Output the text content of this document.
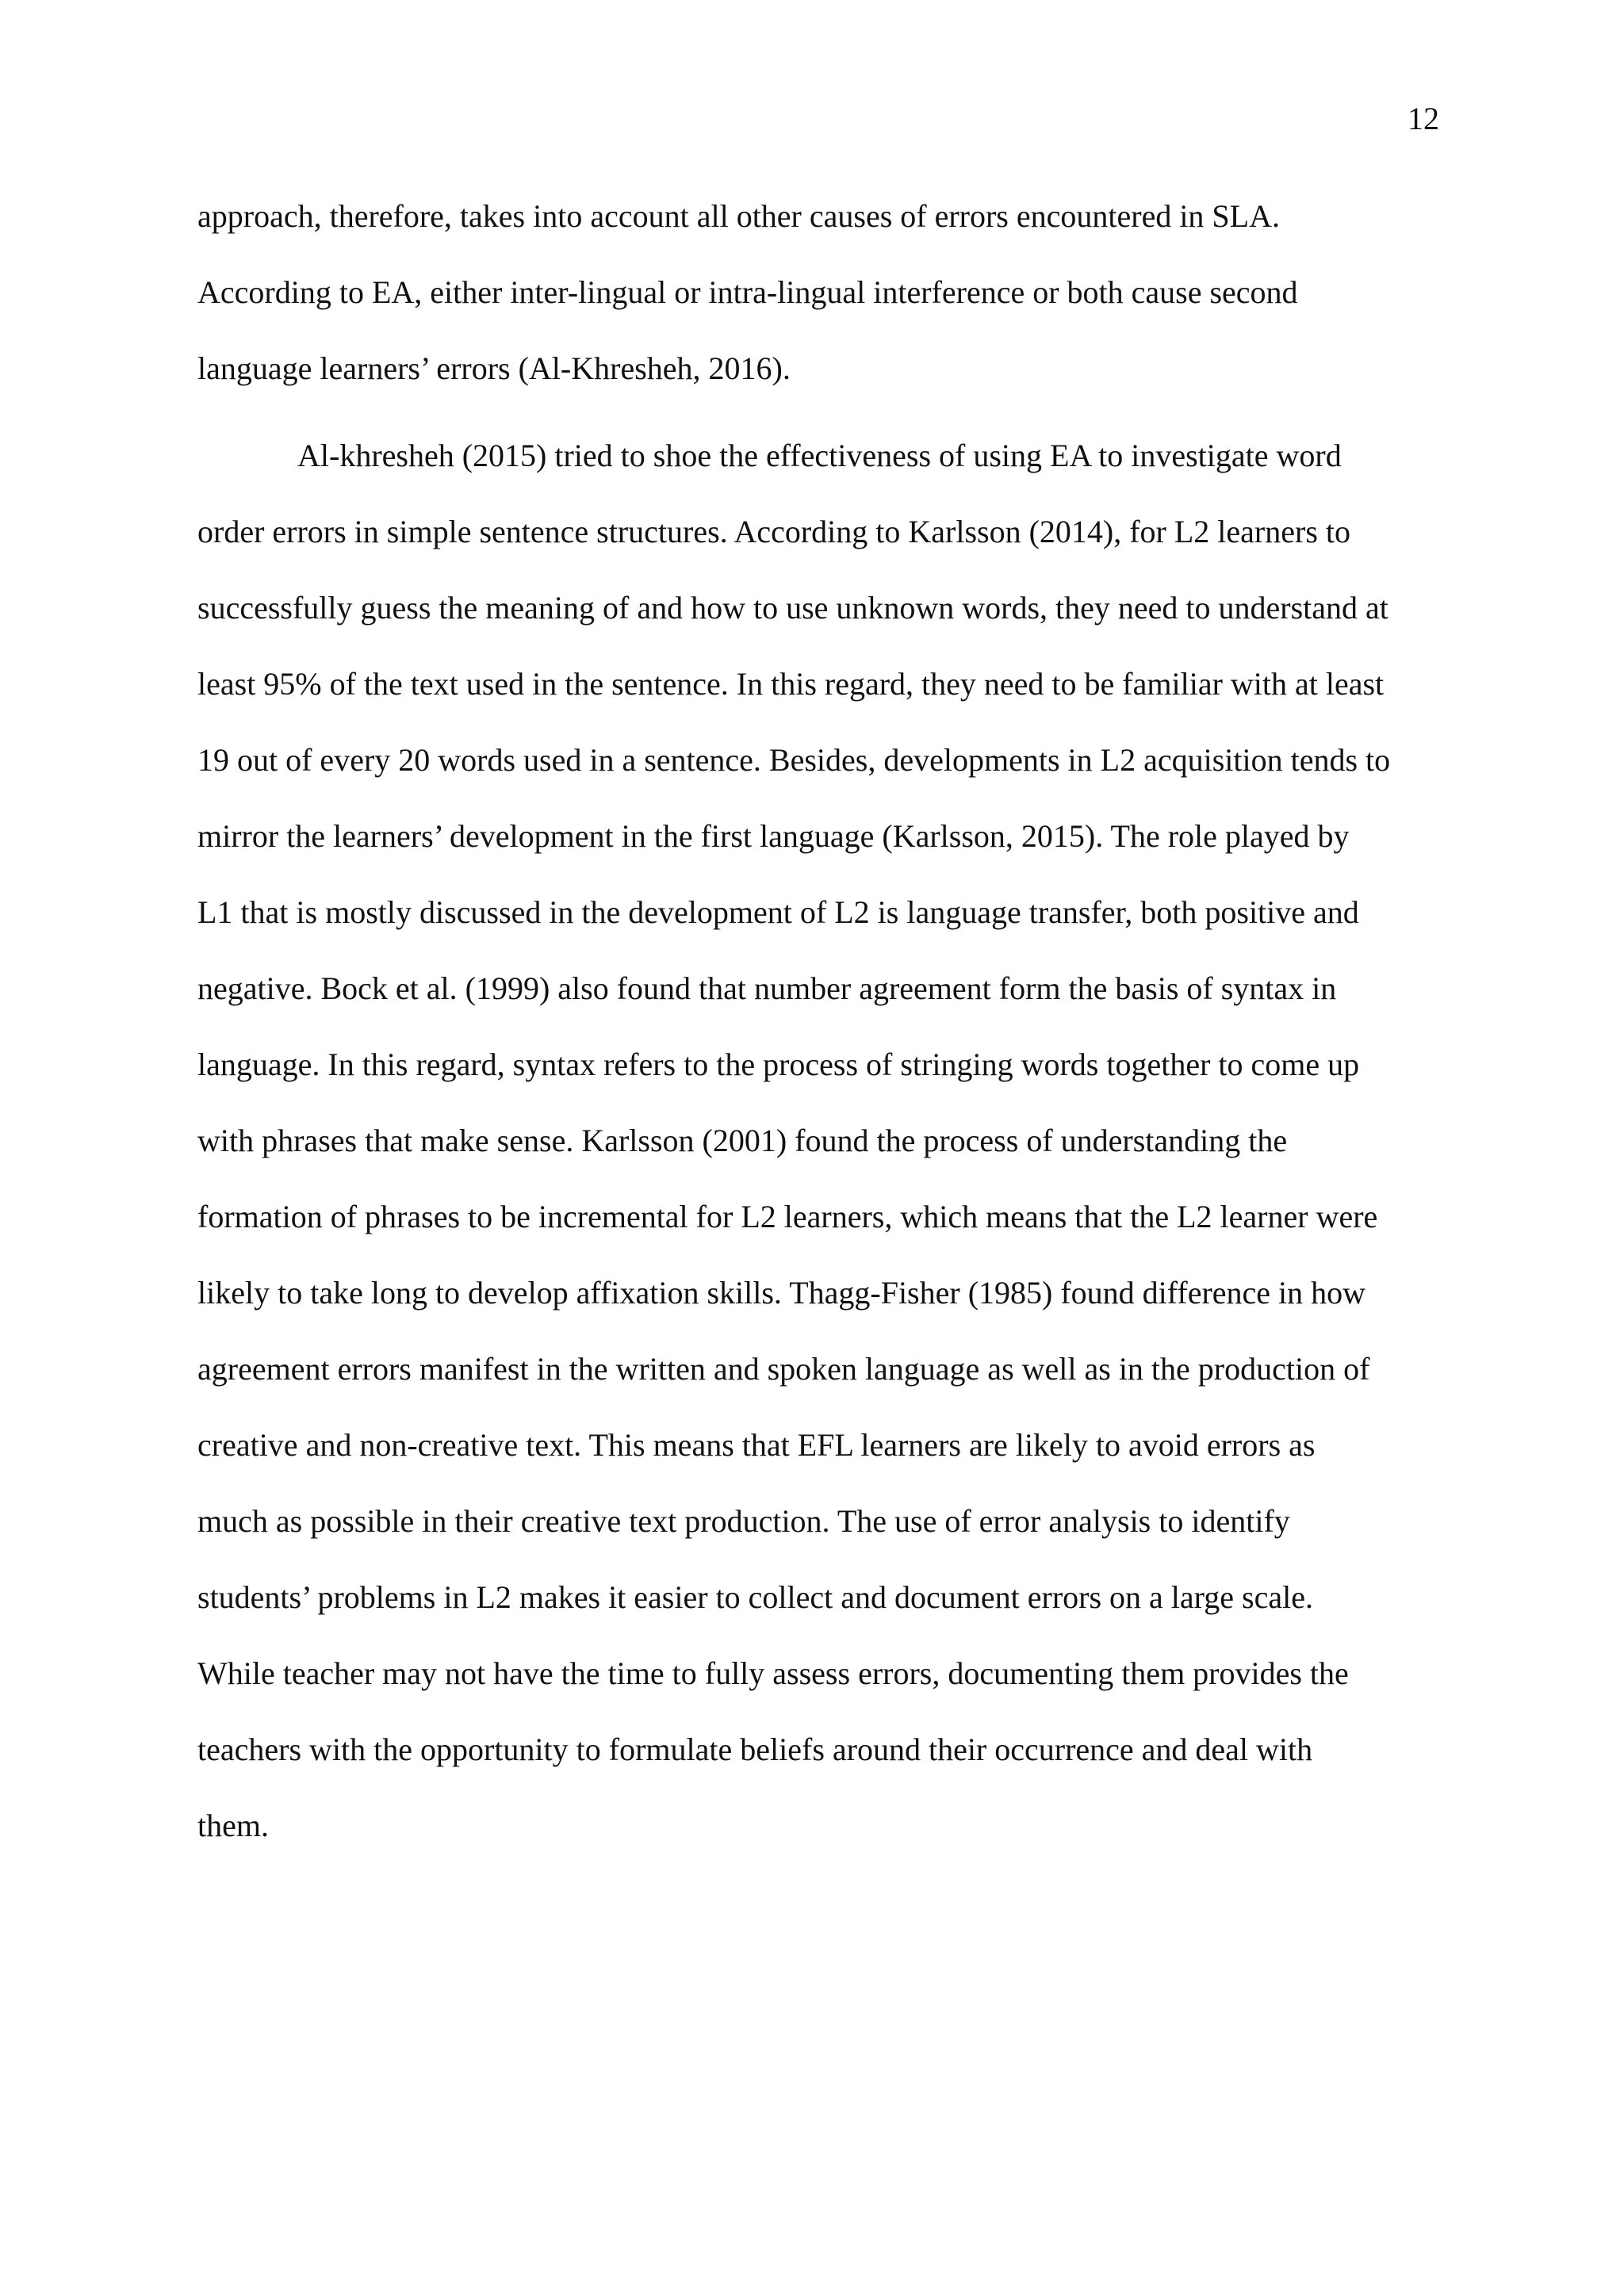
12
approach, therefore, takes into account all other causes of errors encountered in SLA.
According to EA, either inter-lingual or intra-lingual interference or both cause second
language learners’ errors (Al-Khresheh, 2016).
Al-khresheh (2015) tried to shoe the effectiveness of using EA to investigate word
order errors in simple sentence structures. According to Karlsson (2014), for L2 learners to
successfully guess the meaning of and how to use unknown words, they need to understand at
least 95% of the text used in the sentence. In this regard, they need to be familiar with at least
19 out of every 20 words used in a sentence. Besides, developments in L2 acquisition tends to
mirror the learners’ development in the first language (Karlsson, 2015). The role played by
L1 that is mostly discussed in the development of L2 is language transfer, both positive and
negative. Bock et al. (1999) also found that number agreement form the basis of syntax in
language. In this regard, syntax refers to the process of stringing words together to come up
with phrases that make sense. Karlsson (2001) found the process of understanding the
formation of phrases to be incremental for L2 learners, which means that the L2 learner were
likely to take long to develop affixation skills. Thagg-Fisher (1985) found difference in how
agreement errors manifest in the written and spoken language as well as in the production of
creative and non-creative text. This means that EFL learners are likely to avoid errors as
much as possible in their creative text production. The use of error analysis to identify
students’ problems in L2 makes it easier to collect and document errors on a large scale.
While teacher may not have the time to fully assess errors, documenting them provides the
teachers with the opportunity to formulate beliefs around their occurrence and deal with
them.
